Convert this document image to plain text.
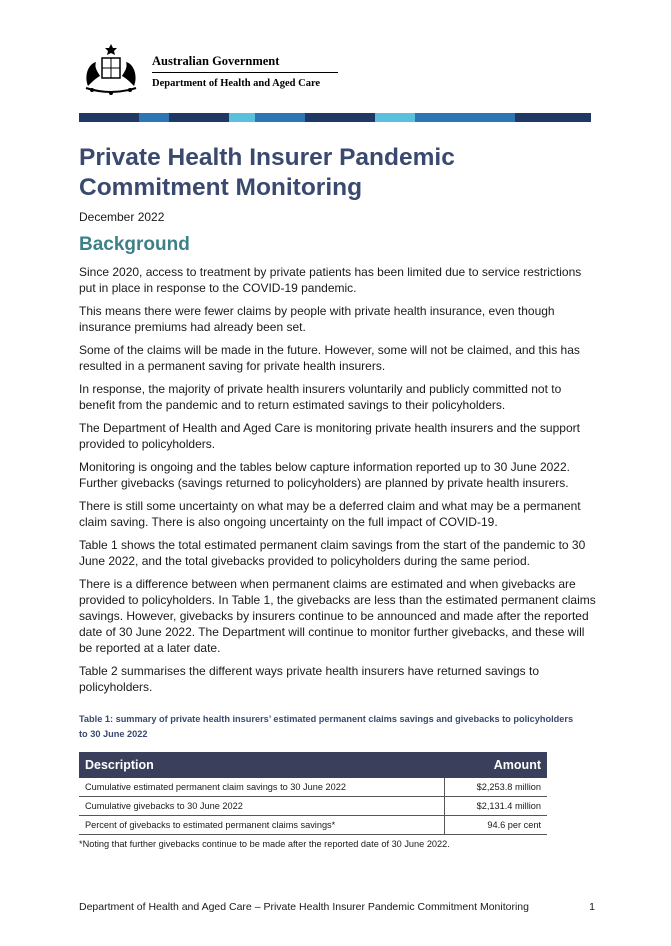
Australian Government
Department of Health and Aged Care
Private Health Insurer Pandemic Commitment Monitoring
December 2022
Background

Since 2020, access to treatment by private patients has been limited due to service restrictions put in place in response to the COVID-19 pandemic.

This means there were fewer claims by people with private health insurance, even though insurance premiums had already been set.

Some of the claims will be made in the future. However, some will not be claimed, and this has resulted in a permanent saving for private health insurers.

In response, the majority of private health insurers voluntarily and publicly committed not to benefit from the pandemic and to return estimated savings to their policyholders.

The Department of Health and Aged Care is monitoring private health insurers and the support provided to policyholders.

Monitoring is ongoing and the tables below capture information reported up to 30 June 2022. Further givebacks (savings returned to policyholders) are planned by private health insurers.

There is still some uncertainty on what may be a deferred claim and what may be a permanent claim saving. There is also ongoing uncertainty on the full impact of COVID-19.

Table 1 shows the total estimated permanent claim savings from the start of the pandemic to 30 June 2022, and the total givebacks provided to policyholders during the same period.

There is a difference between when permanent claims are estimated and when givebacks are provided to policyholders. In Table 1, the givebacks are less than the estimated permanent claims savings. However, givebacks by insurers continue to be announced and made after the reported date of 30 June 2022. The Department will continue to monitor further givebacks, and these will be reported at a later date.

Table 2 summarises the different ways private health insurers have returned savings to policyholders.

Table 1: summary of private health insurers’ estimated permanent claims savings and givebacks to policyholders to 30 June 2022
Description	Amount
Cumulative estimated permanent claim savings to 30 June 2022	$2,253.8 million
Cumulative givebacks to 30 June 2022	$2,131.4 million
Percent of givebacks to estimated permanent claims savings*	94.6 per cent
*Noting that further givebacks continue to be made after the reported date of 30 June 2022.
Department of Health and Aged Care – Private Health Insurer Pandemic Commitment Monitoring	1
